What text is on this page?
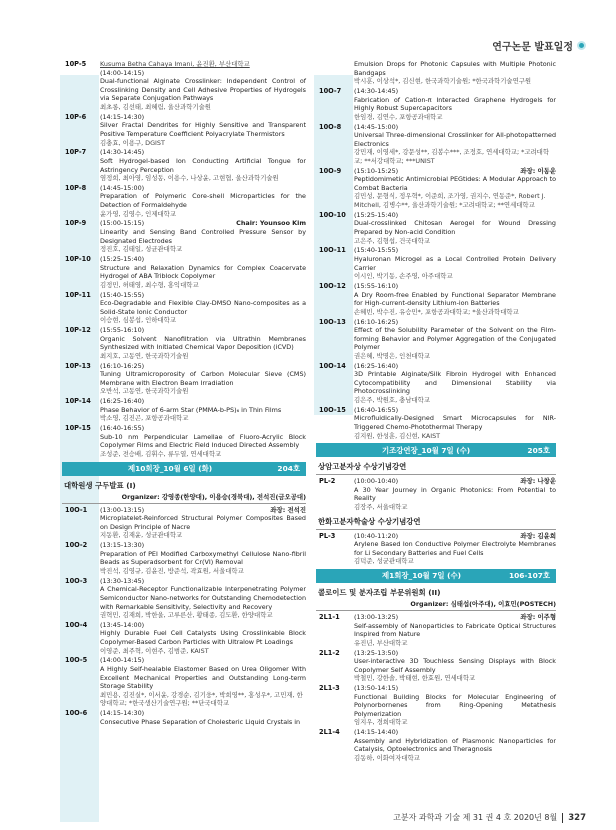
연구논문 발표일정
10P-5 Kusuma Betha Cahaya Imani, 윤진환, 부산대학교
(14:00-14:15)
Dual-functional Alginate Crosslinker: Independent Control of Crosslinking Density and Cell Adhesive Properties of Hydrogels via Separate Conjugation Pathways
최초롱, 김선태, 최혜림, 울산과학기술원
10P-6 (14:15-14:30)
Silver Fractal Dendrites for Highly Sensitive and Transparent Positive Temperature Coefficient Polyacrylate Thermistors
김충효, 이용구, DGIST
10P-7 (14:30-14:45)
Soft Hydrogel-based Ion Conducting Artificial Tongue for Astringency Perception
염정희, 최아영, 임성동, 이용수, 나상윤, 고현협, 울산과학기술원
10P-8 (14:45-15:00)
Preparation of Polymeric Core-shell Microparticles for the Detection of Formaldehyde
윤가영, 김영수, 인제대학교
10P-9	Chair: Younsoo Kim
(15:00-15:15)
Linearity and Sensing Band Controlled Pressure Sensor by Designated Electrodes
정진호, 김태일, 성균관대학교
10P-10 (15:25-15:40)
Structure and Relaxation Dynamics for Complex Coacervate Hydrogel of ABA Triblock Copolymer
김정민, 허태영, 최수형, 홍익대학교
10P-11 (15:40-15:55)
Eco-Degradable and Flexible Clay-DMSO Nano-composites as a Solid-State Ionic Conductor
이승현, 심봉섭, 인하대학교
10P-12 (15:55-16:10)
Organic Solvent Nanofiltration via Ultrathin Membranes Synthesized with Initiated Chemical Vapor Deposition (iCVD)
최지호, 고동연, 한국과학기술원
10P-13 (16:10-16:25)
Tuning Ultramicroporosity of Carbon Molecular Sieve (CMS) Membrane with Electron Beam Irradiation
오반석, 고동연, 한국과학기술원
10P-14 (16:25-16:40)
Phase Behavior of 6-arm Star (PMMA-b-PS)₆ in Thin Films
박소영, 김진곤, 포항공과대학교
10P-15 (16:40-16:55)
Sub-10 nm Perpendicular Lamellae of Fluoro-Acrylic Block Copolymer Films and Electric Field Induced Directed Assembly
조성준, 전승배, 김휘수, 류두열, 연세대학교
제10회장_10월 6일 (화)	204호
대학원생 구두발표 (I)
Organizer: 강영종(한양대), 이용승(경북대), 전석진(금오공대)
10O-1	좌장: 전석진
(13:00-13:15)
Microplatelet-Reinforced Structural Polymer Composites Based on Design Principle of Nacre
지동환, 김재윤, 성균관대학교
10O-2 (13:15-13:30)
Preparation of PEI Modified Carboxymethyl Cellulose Nano-fibril Beads as Superadsorbent for Cr(VI) Removal
박진석, 김영규, 김윤진, 방준석, 곽효원, 서울대학교
10O-3 (13:30-13:45)
A Chemical-Receptor Functionalizable Interpenetrating Polymer Semiconductor Nano-networks for Outstanding Chemodetection with Remarkable Sensitivity, Selectivity and Recovery
권혁민, 김재희, 박한울, 고루른산, 황태종, 김도환, 한양대학교
10O-4 (13:45-14:00)
Highly Durable Fuel Cell Catalysts Using Crosslinkable Block Copolymer-Based Carbon Particles with Ultralow Pt Loadings
이영준, 최주혁, 이현주, 김범준, KAIST
10O-5 (14:00-14:15)
A Highly Self-healable Elastomer Based on Urea Oligomer With Excellent Mechanical Properties and Outstanding Long-term Storage Stability
최민용, 김진실*, 이서윤, 강경순, 김기웅*, 박희영**, 홍성우*, 고민재, 한양대학교; *한국생산기술연구원; **단국대학교
10O-6 (14:15-14:30)
Consecutive Phase Separation of Cholesteric Liquid Crystals in
Emulsion Drops for Photonic Capsules with Multiple Photonic Bandgaps
박시훈, 이상석*, 김신현, 한국과학기술원; *한국과학기술연구원
10O-7 (14:30-14:45)
Fabrication of Cation-π Interacted Graphene Hydrogels for Highly Robust Supercapacitors
한임경, 김연수, 포항공과대학교
10O-8 (14:45-15:00)
Universal Three-dimensional Crosslinker for All-photopatterned Electronics
강민재, 이영세*, 강문성**, 김봉수***, 조정호, 연세대학교; *고려대학교; **서강대학교; ***UNIST
10O-9	좌장: 이동운
(15:10-15:25)
Peptidomimetic Antimicrobial PEGtides: A Modular Approach to Combat Bacteria
김민성, 문형식, 정우혁*, 이준희, 조가영, 권지수, 연동준*, Robert J. Mitchell, 김병수**, 울산과학기술원; *고려대학교; **연세대학교
10O-10 (15:25-15:40)
Dual-crosslinked Chitosan Aerogel for Wound Dressing Prepared by Non-acid Condition
고은주, 김형섭, 건국대학교
10O-11 (15:40-15:55)
Hyaluronan Microgel as a Local Controlled Protein Delivery Carrier
이시인, 박기동, 손주영, 아주대학교
10O-12 (15:55-16:10)
A Dry Room-free Enabled by Functional Separator Membrane for High-current-density Lithium-ion Batteries
손혜빈, 박수진, 유승민*, 포항공과대학교; *울산과학대학교
10O-13 (16:10-16:25)
Effect of the Solubility Parameter of the Solvent on the Film-forming Behavior and Polymer Aggregation of the Conjugated Polymer
권은혜, 박명은, 인천대학교
10O-14 (16:25-16:40)
3D Printable Alginate/Silk Fibroin Hydrogel with Enhanced Cytocompatibility and Dimensional Stability via Photocrosslinking
김은주, 박원호, 충남대학교
10O-15 (16:40-16:55)
Microfluidically-Designed Smart Microcapsules for NIR-Triggered Chemo-Photothermal Therapy
김지원, 한성훈, 김신현, KAIST
기조강연장_10월 7일 (수)	205호
상암고분자상 수상기념강연
PL-2	좌장: 나창운
(10:00-10:40)
A 30 Year Journey in Organic Photonics: From Potential to Reality
김장주, 서울대학교
한화고분자학술상 수상기념강연
PL-3	좌장: 김윤희
(10:40-11:20)
Arylene Based Ion Conductive Polymer Electrolyte Membranes for Li Secondary Batteries and Fuel Cells
김덕준, 성균관대학교
제1회장_10월 7일 (수)	106-107호
콜로이드 및 분자조립 부문위원회 (II)
Organizer: 심태섭(아주대), 이효민(POSTECH)
2L1-1	좌장: 이주형
(13:00-13:25)
Self-assembly of Nanoparticles to Fabricate Optical Structures Inspired from Nature
유진년, 부산대학교
2L1-2 (13:25-13:50)
User-interactive 3D Touchless Sensing Displays with Block Copolymer Self Assembly
박철민, 강한솔, 박태현, 한효원, 연세대학교
2L1-3 (13:50-14:15)
Functional Building Blocks for Molecular Engineering of Polynorbornenes from Ring-Opening Metathesis Polymerization
임지우, 경희대학교
2L1-4 (14:15-14:40)
Assembly and Hybridization of Plasmonic Nanoparticles for Catalysis, Optoelectronics and Theragnosis
김동하, 이화여자대학교
고분자 과학과 기술 제 31 권 4 호 2020년 8월 327
